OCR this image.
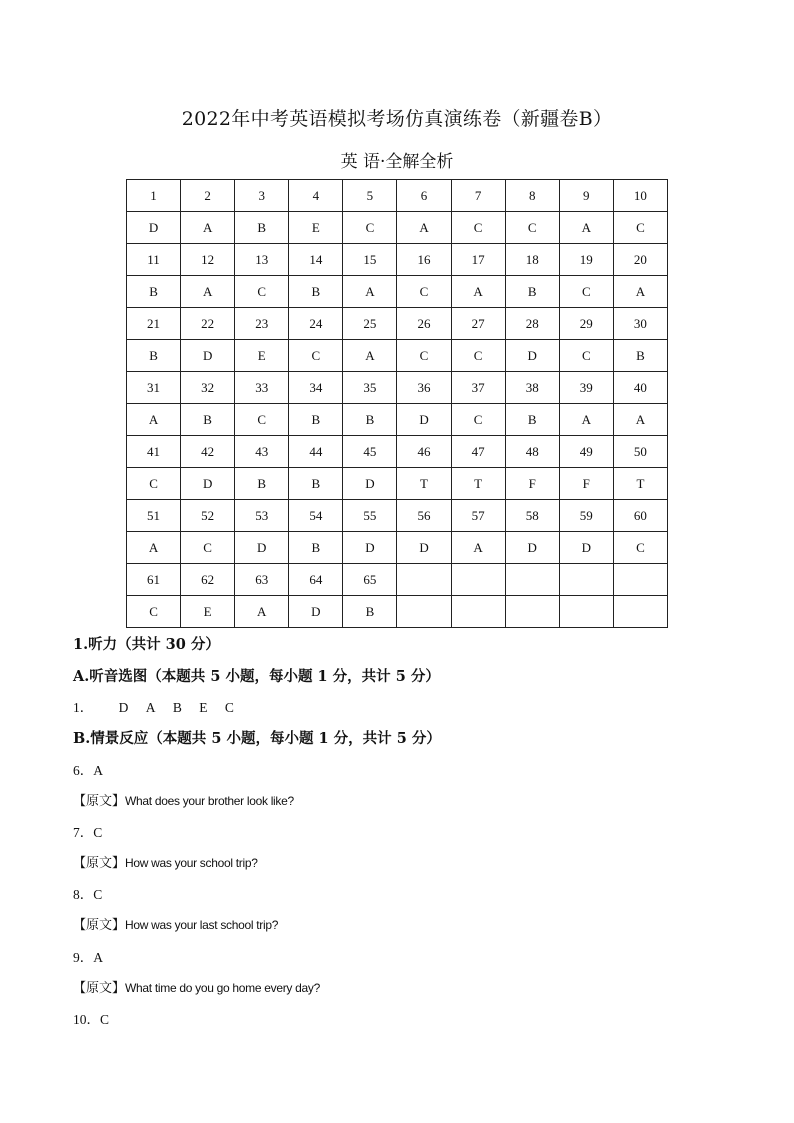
2022年中考英语模拟考场仿真演练卷（新疆卷B）
英 语·全解全析
1	2	3	4	5	6	7	8	9	10
D	A	B	E	C	A	C	C	A	C
11	12	13	14	15	16	17	18	19	20
B	A	C	B	A	C	A	B	C	A
21	22	23	24	25	26	27	28	29	30
B	D	E	C	A	C	C	D	C	B
31	32	33	34	35	36	37	38	39	40
A	B	C	B	B	D	C	B	A	A
41	42	43	44	45	46	47	48	49	50
C	D	B	B	D	T	T	F	F	T
51	52	53	54	55	56	57	58	59	60
A	C	D	B	D	D	A	D	D	C
61	62	63	64	65					
C	E	A	D	B					
1.听力（共计 30 分）
A.听音选图（本题共 5 小题，每小题 1 分，共计 5 分）
1． D A B E C
B.情景反应（本题共 5 小题，每小题 1 分，共计 5 分）
6．A
【原文】What does your brother look like?
7．C
【原文】How was your school trip?
8．C
【原文】How was your last school trip?
9．A
【原文】What time do you go home every day?
10．C
